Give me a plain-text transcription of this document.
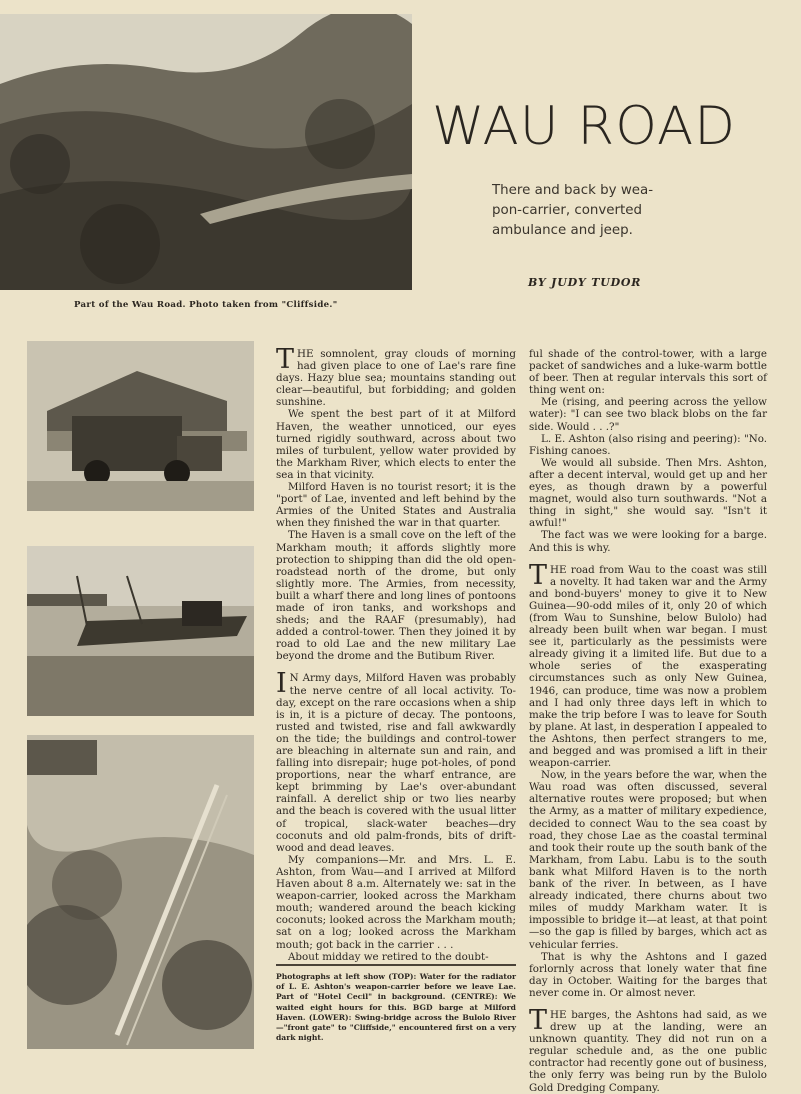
Part of the Wau Road. Photo taken from "Cliffside."
WAU ROAD
There and back by wea-
pon-carrier, converted
ambulance and jeep.
BY JUDY TUDOR

THE somnolent, gray clouds of morning had given place to one of Lae's rare fine days. Hazy blue sea; mountains standing out clear—beautiful, but forbidding; and golden sunshine.

We spent the best part of it at Milford Haven, the weather unnoticed, our eyes turned rigidly southward, across about two miles of turbulent, yellow water provided by the Markham River, which elects to enter the sea in that vicinity.

Milford Haven is no tourist resort; it is the "port" of Lae, invented and left behind by the Armies of the United States and Australia when they finished the war in that quarter.

The Haven is a small cove on the left of the Markham mouth; it affords slightly more protection to shipping than did the old open-roadstead north of the drome, but only slightly more. The Armies, from necessity, built a wharf there and long lines of pontoons made of iron tanks, and workshops and sheds; and the RAAF (presumably), had added a control-tower. Then they joined it by road to old Lae and the new military Lae beyond the drome and the Butibum River.

IN Army days, Milford Haven was probably the nerve centre of all local activity. To-day, except on the rare occasions when a ship is in, it is a picture of decay. The pontoons, rusted and twisted, rise and fall awkwardly on the tide; the buildings and control-tower are bleaching in alternate sun and rain, and falling into disrepair; huge pot-holes, of pond proportions, near the wharf entrance, are kept brimming by Lae's over-abundant rainfall. A derelict ship or two lies nearby and the beach is covered with the usual litter of tropical, slack-water beaches—dry coconuts and old palm-fronds, bits of drift-wood and dead leaves.

My companions—Mr. and Mrs. L. E. Ashton, from Wau—and I arrived at Milford Haven about 8 a.m. Alternately we: sat in the weapon-carrier, looked across the Markham mouth; wandered around the beach kicking coconuts; looked across the Markham mouth; sat on a log; looked across the Markham mouth; got back in the carrier . . .

About midday we retired to the doubt-

Photographs at left show (TOP): Water for the radiator of L. E. Ashton's weapon-carrier before we leave Lae. Part of "Hotel Cecil" in background. (CENTRE): We waited eight hours for this. BGD barge at Milford Haven. (LOWER): Swing-bridge across the Bulolo River—"front gate" to "Cliffside," encountered first on a very dark night.

ful shade of the control-tower, with a large packet of sandwiches and a luke-warm bottle of beer. Then at regular intervals this sort of thing went on:

Me (rising, and peering across the yellow water): "I can see two black blobs on the far side. Would . . .?"

L. E. Ashton (also rising and peering): "No. Fishing canoes.

We would all subside. Then Mrs. Ashton, after a decent interval, would get up and her eyes, as though drawn by a powerful magnet, would also turn southwards. "Not a thing in sight," she would say. "Isn't it awful!"

The fact was we were looking for a barge. And this is why.

THE road from Wau to the coast was still a novelty. It had taken war and the Army and bond-buyers' money to give it to New Guinea—90-odd miles of it, only 20 of which (from Wau to Sunshine, below Bulolo) had already been built when war began. I must see it, particularly as the pessimists were already giving it a limited life. But due to a whole series of the exasperating circumstances such as only New Guinea, 1946, can produce, time was now a problem and I had only three days left in which to make the trip before I was to leave for South by plane. At last, in desperation I appealed to the Ashtons, then perfect strangers to me, and begged and was promised a lift in their weapon-carrier.

Now, in the years before the war, when the Wau road was often discussed, several alternative routes were proposed; but when the Army, as a matter of military expedience, decided to connect Wau to the sea coast by road, they chose Lae as the coastal terminal and took their route up the south bank of the Markham, from Labu. Labu is to the south bank what Milford Haven is to the north bank of the river. In between, as I have already indicated, there churns about two miles of muddy Markham water. It is impossible to bridge it—at least, at that point—so the gap is filled by barges, which act as vehicular ferries.

That is why the Ashtons and I gazed forlornly across that lonely water that fine day in October. Waiting for the barges that never come in. Or almost never.

THE barges, the Ashtons had said, as we drew up at the landing, were an unknown quantity. They did not run on a regular schedule and, as the one public contractor had recently gone out of business, the only ferry was being run by the Bulolo Gold Dredging Company.
